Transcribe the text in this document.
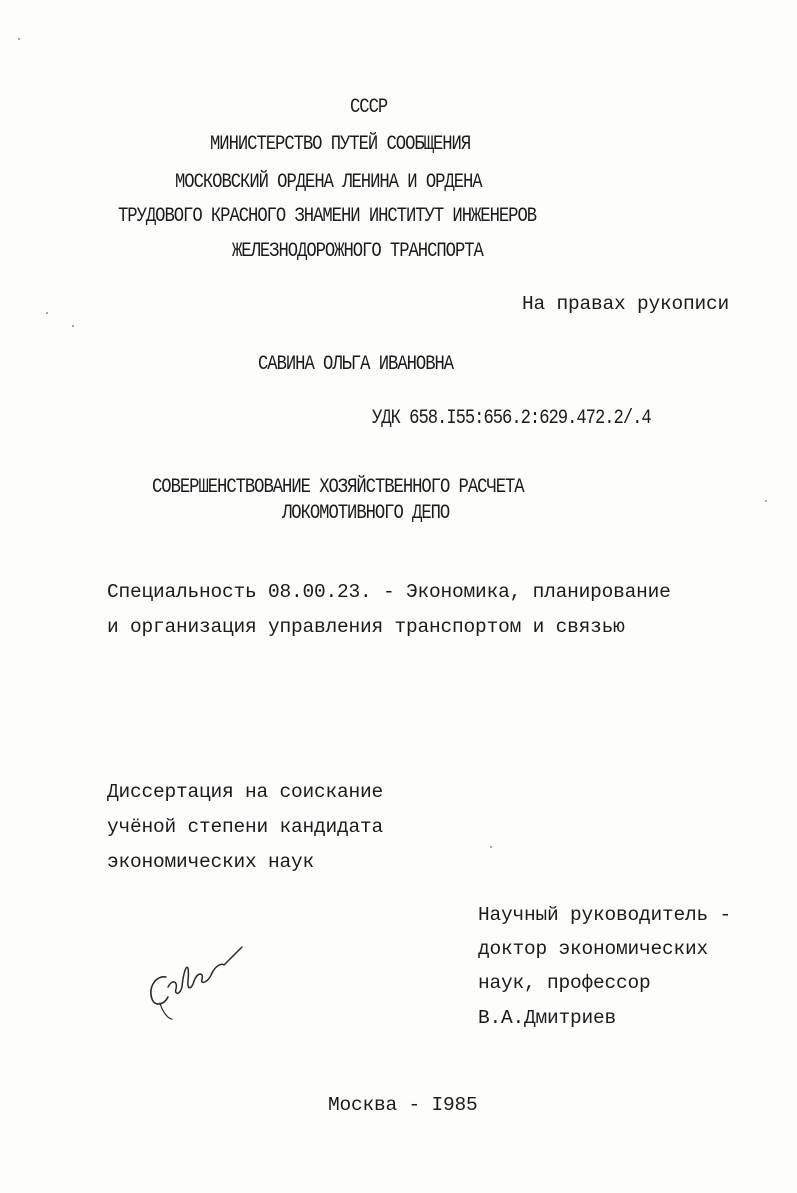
СССР
МИНИСТЕРСТВО ПУТЕЙ СООБЩЕНИЯ
МОСКОВСКИЙ ОРДЕНА ЛЕНИНА И ОРДЕНА
ТРУДОВОГО КРАСНОГО ЗНАМЕНИ ИНСТИТУТ ИНЖЕНЕРОВ
ЖЕЛЕЗНОДОРОЖНОГО ТРАНСПОРТА
На правах рукописи
САВИНА ОЛЬГА ИВАНОВНА
УДК 658.I55:656.2:629.472.2/.4
СОВЕРШЕНСТВОВАНИЕ ХОЗЯЙСТВЕННОГО РАСЧЕТА
ЛОКОМОТИВНОГО ДЕПО
Специальность 08.00.23. - Экономика, планирование
и организация управления транспортом и связью
Диссертация на соискание
учёной степени кандидата
экономических наук
Научный руководитель -
доктор экономических
наук, профессор
В.А.Дмитриев
Москва - I985
